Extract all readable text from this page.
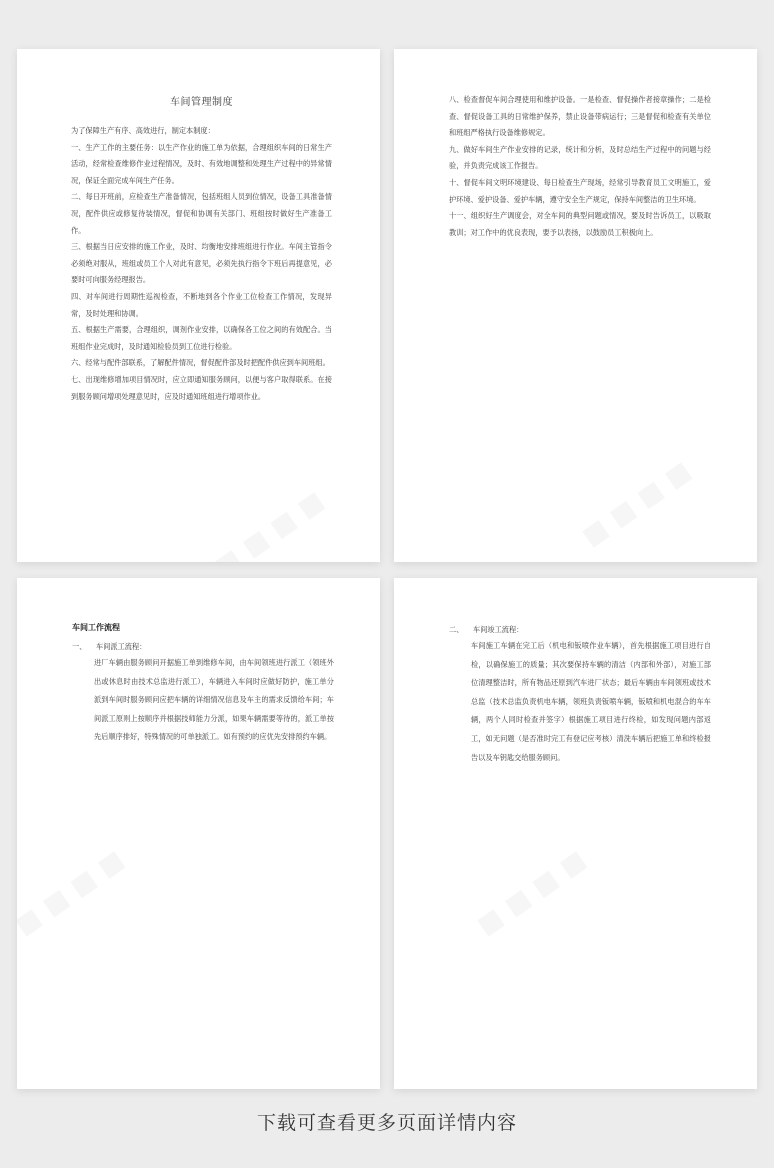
车间管理制度

为了保障生产有序、高效进行，制定本制度：

一、生产工作的主要任务：以生产作业的施工单为依据，合理组织车间的日常生产活动，经常检查维修作业过程情况，及时、有效地调整和处理生产过程中的异常情况，保证全面完成车间生产任务。

二、每日开班前，应检查生产准备情况，包括班组人员到位情况，设备工具准备情况，配件供应或修复待装情况，督促和协调有关部门、班组按时做好生产准备工作。

三、根据当日应安排的施工作业，及时、均衡地安排班组进行作业。车间主管指令必须绝对服从，班组或员工个人对此有意见，必须先执行指令下班后再提意见，必要时可向服务经理报告。

四、对车间进行周期性巡视检查，不断地到各个作业工位检查工作情况，发现异常，及时处理和协调。

五、根据生产需要，合理组织，调剂作业安排，以确保各工位之间的有效配合。当班组作业完成时，及时通知检验员到工位进行检验。

六、经常与配件部联系，了解配件情况，督促配件部及时把配件供应到车间班组。

七、出现维修增加项目情况时，应立即通知服务顾问，以便与客户取得联系。在接到服务顾问增项处理意见时，应及时通知班组进行增项作业。

八、检查督促车间合理使用和维护设备。一是检查、督促操作者接章操作；二是检查、督促设备工具的日常维护保养，禁止设备带病运行；三是督促和检查有关单位和班组严格执行设备维修规定。

九、做好车间生产作业安排的记录，统计和分析，及时总结生产过程中的问题与经验，并负责完成该工作报告。

十、督促车间文明环境建设、每日检查生产现场，经常引导教育员工文明施工，爱护环境、爱护设备、爱护车辆，遵守安全生产规定，保持车间整洁的卫生环境。

十一、组织好生产调度会，对全车间的典型问题或情况，要及时告诉员工，以吸取教训；对工作中的优良表现，要予以表扬，以鼓励员工积极向上。

车间工作流程
一、	车间派工流程：

进厂车辆由服务顾问开据施工单到维修车间，由车间领班进行派工（领班外出或休息时由技术总监进行派工），车辆进入车间时应做好防护，施工单分派到车间时服务顾问应把车辆的详细情况信息及车主的需求反馈给车间；车间派工原则上按顺序并根据技师能力分派，如果车辆需要等待的，派工单按先后顺序排好，特殊情况的可单独派工。如有预约的应优先安排预约车辆。

二、	车间竣工流程：

车间施工车辆在完工后（机电和钣喷作业车辆），首先根据施工项目进行自检，以确保施工的质量；其次要保持车辆的清洁（内部和外部），对施工部位清理整洁时，所有物品还原到汽车进厂状态；最后车辆由车间领班或技术总监（技术总监负责机电车辆，领班负责钣喷车辆，钣喷和机电混合的车车辆，两个人同时检查并签字）根据施工项目进行终检，如发现问题内部返工，如无问题（是否准时完工有登记应考核）清洗车辆后把施工单和终检报告以及车钥匙交给服务顾问。

下载可查看更多页面详情内容
